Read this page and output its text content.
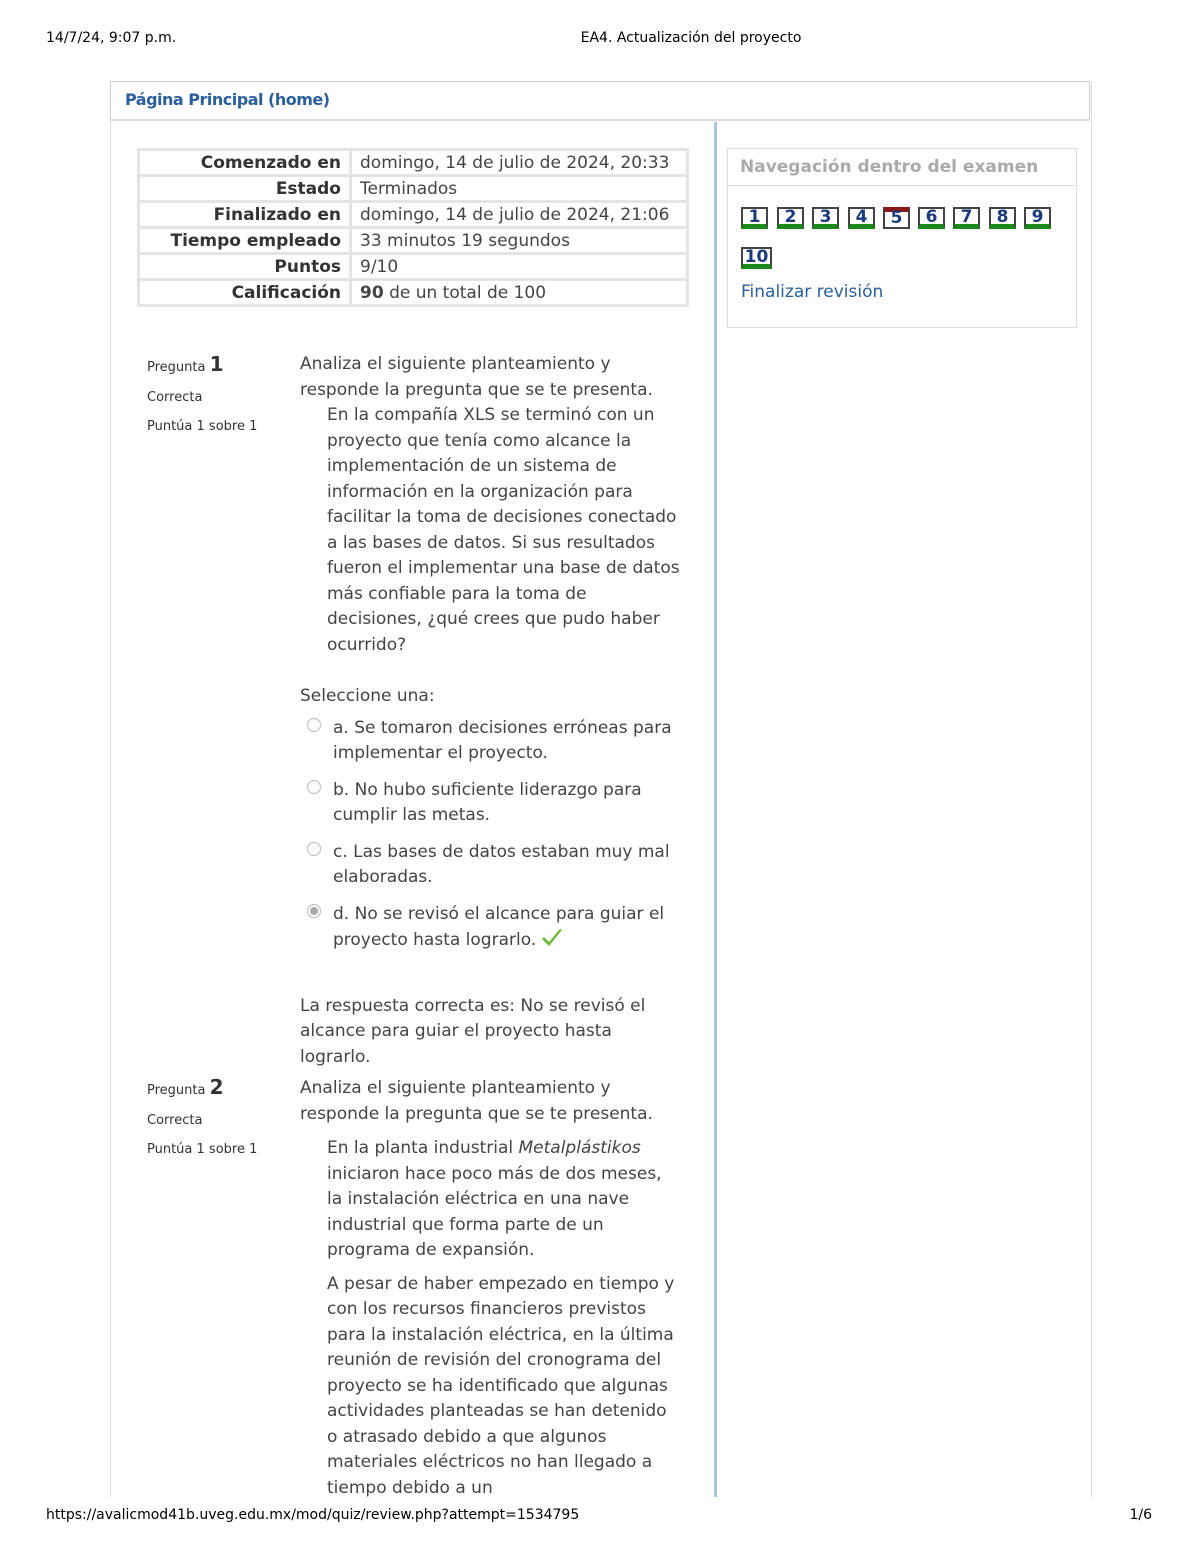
14/7/24, 9:07 p.m.	EA4. Actualización del proyecto
https://avalicmod41b.uveg.edu.mx/mod/quiz/review.php?attempt=1534795	1/6
Página Principal (home)
Comenzado en	domingo, 14 de julio de 2024, 20:33
Estado	Terminados
Finalizado en	domingo, 14 de julio de 2024, 21:06
Tiempo empleado	33 minutos 19 segundos
Puntos	9/10
Calificación	90 de un total de 100
Navegación dentro del examen
1	2	3	4	5	6	7	8	9
10
Finalizar revisión
Pregunta 1
Correcta
Puntúa 1 sobre 1
Analiza el siguiente planteamiento y responde la pregunta que se te presenta.
En la compañía XLS se terminó con un proyecto que tenía como alcance la implementación de un sistema de información en la organización para facilitar la toma de decisiones conectado a las bases de datos. Si sus resultados fueron el implementar una base de datos más confiable para la toma de decisiones, ¿qué crees que pudo haber ocurrido?
Seleccione una:
a. Se tomaron decisiones erróneas para implementar el proyecto.
b. No hubo suficiente liderazgo para cumplir las metas.
c. Las bases de datos estaban muy mal elaboradas.
d. No se revisó el alcance para guiar el proyecto hasta lograrlo.
La respuesta correcta es: No se revisó el alcance para guiar el proyecto hasta lograrlo.
Pregunta 2
Correcta
Puntúa 1 sobre 1
Analiza el siguiente planteamiento y responde la pregunta que se te presenta.
En la planta industrial Metalplástikos iniciaron hace poco más de dos meses, la instalación eléctrica en una nave industrial que forma parte de un programa de expansión.
A pesar de haber empezado en tiempo y con los recursos financieros previstos para la instalación eléctrica, en la última reunión de revisión del cronograma del proyecto se ha identificado que algunas actividades planteadas se han detenido o atrasado debido a que algunos materiales eléctricos no han llegado a tiempo debido a un
